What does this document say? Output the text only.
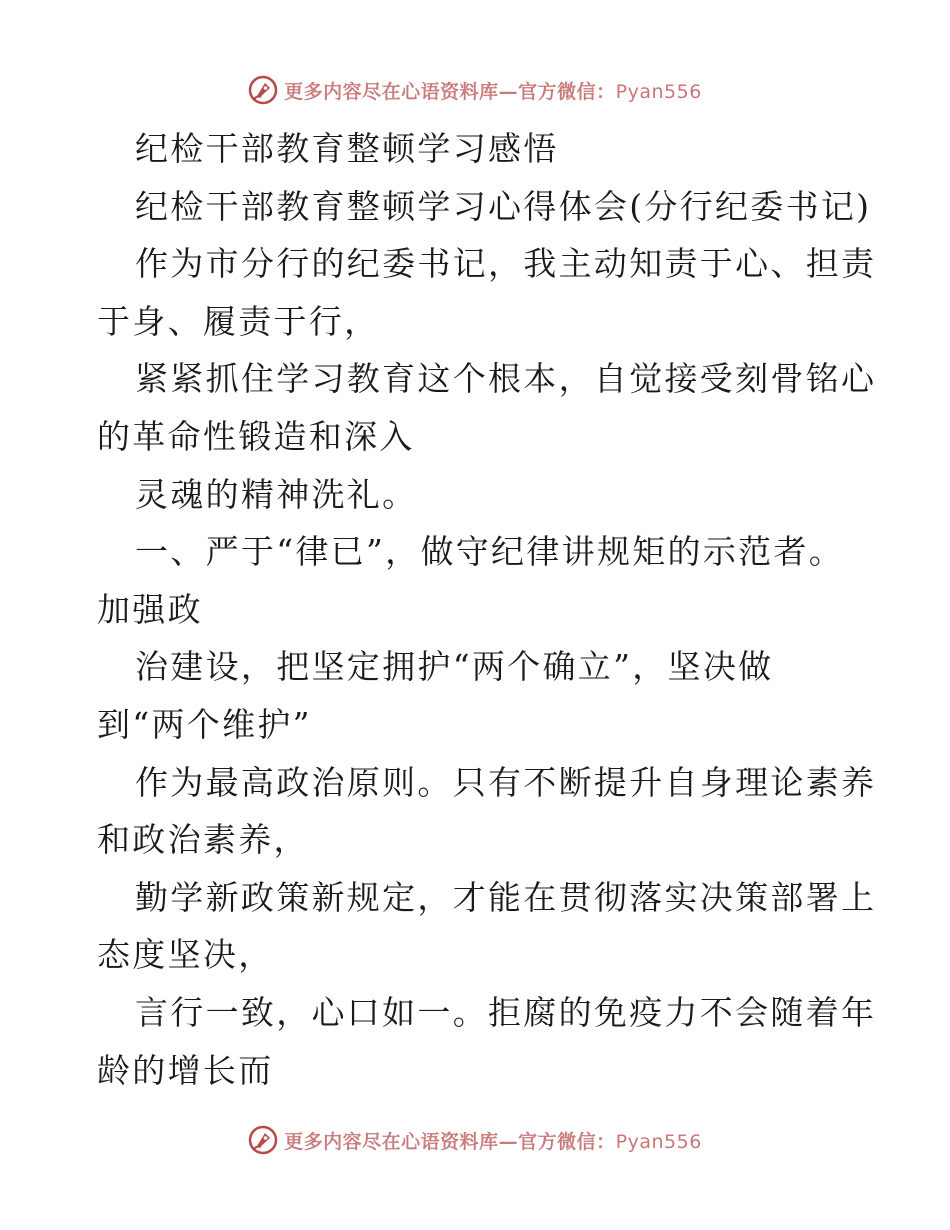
更多内容尽在心语资料库—官方微信：Pyan556
纪检干部教育整顿学习感悟
纪检干部教育整顿学习心得体会(分行纪委书记)
作为市分行的纪委书记，我主动知责于心、担责
于身、履责于行，
紧紧抓住学习教育这个根本，自觉接受刻骨铭心
的革命性锻造和深入
灵魂的精神洗礼。
一、严于“律已”，做守纪律讲规矩的示范者。
加强政
治建设，把坚定拥护“两个确立”，坚决做
到“两个维护”
作为最高政治原则。只有不断提升自身理论素养
和政治素养，
勤学新政策新规定，才能在贯彻落实决策部署上
态度坚决，
言行一致，心口如一。拒腐的免疫力不会随着年
龄的增长而
更多内容尽在心语资料库—官方微信：Pyan556
